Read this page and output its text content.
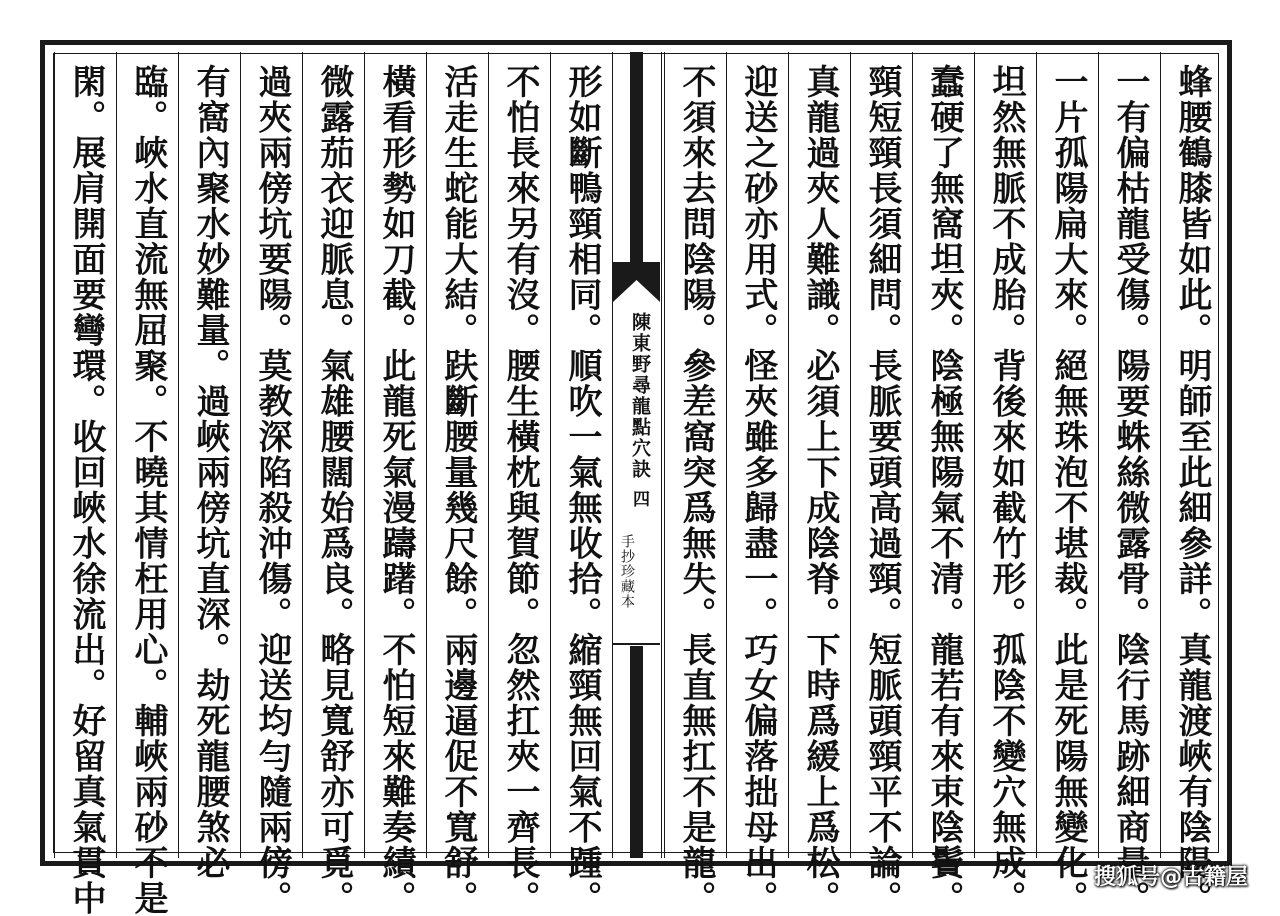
蜂腰鶴膝皆如此。明師至此細參詳。真龍渡峽有陰陽。
一有偏枯龍受傷。陽要蛛絲微露骨。陰行馬跡細商量。
一片孤陽扁大來。絕無珠泡不堪裁。此是死陽無變化。
坦然無脈不成胎。背後來如截竹形。孤陰不變穴無成。
蠢硬了無窩坦夾。陰極無陽氣不清。龍若有來束陰鬢。
頸短頸長須細問。長脈要頭高過頸。短脈頭頸平不論。
真龍過夾人難識。必須上下成陰脊。下時爲緩上爲松。
迎送之砂亦用式。怪夾雖多歸盡一。巧女偏落拙母出。
不須來去問陰陽。參差窩突爲無失。長直無扛不是龍。
陳東野尋龍點穴訣
四
手抄珍藏本
形如斷鴨頸相同。順吹一氣無收拾。縮頸無回氣不踵。
不怕長來另有沒。腰生橫枕與賀節。忽然扛夾一齊長。
活走生蛇能大結。趺斷腰量幾尺餘。兩邊逼促不寬舒。
橫看形勢如刀截。此龍死氣漫躊躇。不怕短來難奏績。
微露茄衣迎脈息。氣雄腰闊始爲良。略見寬舒亦可覓。
過夾兩傍坑要陽。莫教深陷殺沖傷。迎送均勻隨兩傍。
有窩內聚水妙難量。過峽兩傍坑直深。劫死龍腰煞必
臨。峽水直流無屈聚。不曉其情枉用心。輔峽兩砂不是
閑。展肩開面要彎環。收回峽水徐流出。好留真氣貫中	搜狐号@古籍屋
